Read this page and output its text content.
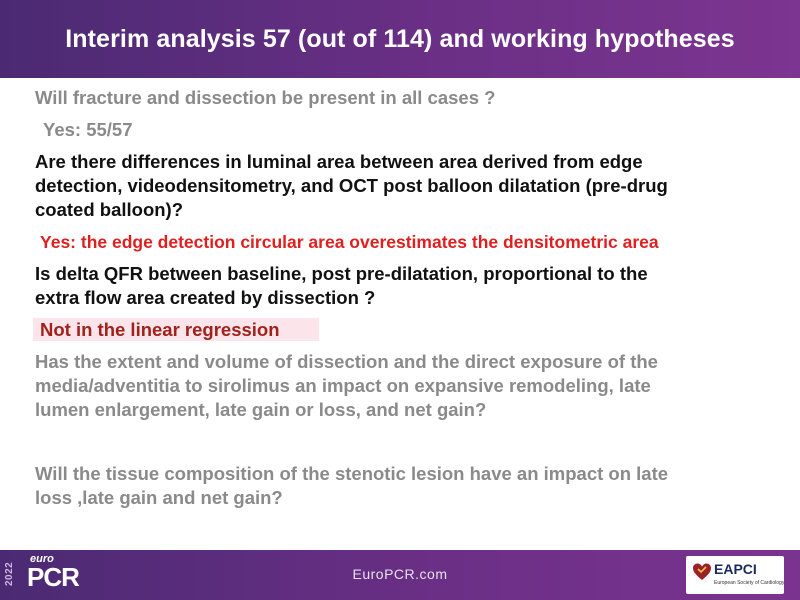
Interim analysis 57 (out of 114) and working hypotheses
Will fracture and dissection be present in all cases ?
Yes: 55/57
Are there differences in luminal area between area derived from edge
detection, videodensitometry, and OCT post balloon dilatation (pre-drug
coated balloon)?
Yes: the edge detection circular area overestimates the densitometric area
Is delta QFR between baseline, post pre-dilatation, proportional to the
extra flow area created by dissection ?
Not in the linear regression
Has the extent and volume of dissection and the direct exposure of the
media/adventitia to sirolimus an impact on expansive remodeling, late
lumen enlargement, late gain or loss, and net gain?
Will the tissue composition of the stenotic lesion have an impact on late
loss ,late gain and net gain?
2022
euro
PCR	EuroPCR.com	EAPCI
European Society of Cardiology
